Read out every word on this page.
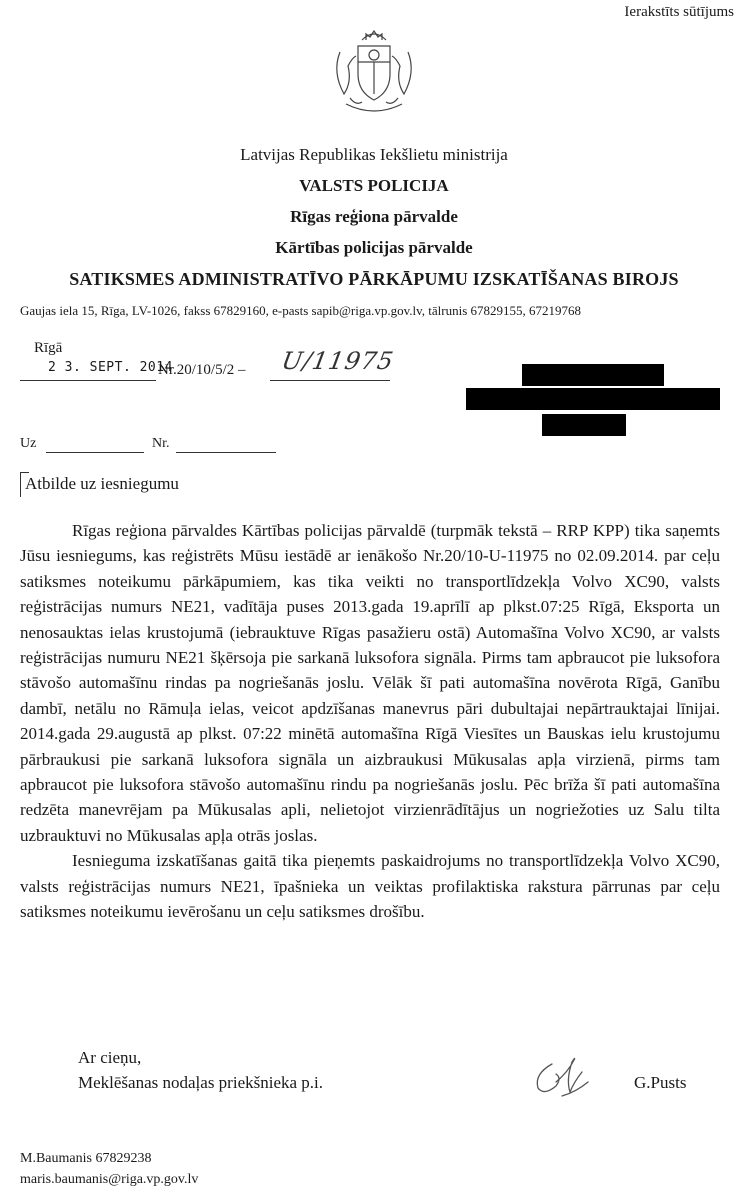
Ierakstīts sūtījums
Latvijas Republikas Iekšlietu ministrija
VALSTS POLICIJA
Rīgas reģiona pārvalde
Kārtības policijas pārvalde
SATIKSMES ADMINISTRATĪVO PĀRKĀPUMU IZSKATĪŠANAS BIROJS
Gaujas iela 15, Rīga, LV-1026, fakss 67829160, e-pasts sapib@riga.vp.gov.lv, tālrunis 67829155, 67219768
Rīgā
2 3. SEPT. 2014
Nr.20/10/5/2 – U/11975
Uz	Nr.
Atbilde uz iesniegumu

Rīgas reģiona pārvaldes Kārtības policijas pārvaldē (turpmāk tekstā – RRP KPP) tika saņemts Jūsu iesniegums, kas reģistrēts Mūsu iestādē ar ienākošo Nr.20/10-U-11975 no 02.09.2014. par ceļu satiksmes noteikumu pārkāpumiem, kas tika veikti no transportlīdzekļa Volvo XC90, valsts reģistrācijas numurs NE21, vadītāja puses 2013.gada 19.aprīlī ap plkst.07:25 Rīgā, Eksporta un nenosauktas ielas krustojumā (iebrauktuve Rīgas pasažieru ostā) Automašīna Volvo XC90, ar valsts reģistrācijas numuru NE21 šķērsoja pie sarkanā luksofora signāla. Pirms tam apbraucot pie luksofora stāvošo automašīnu rindas pa nogriešanās joslu. Vēlāk šī pati automašīna novērota Rīgā, Ganību dambī, netālu no Rāmuļa ielas, veicot apdzīšanas manevrus pāri dubultajai nepārtrauktajai līnijai. 2014.gada 29.augustā ap plkst. 07:22 minētā automašīna Rīgā Viesītes un Bauskas ielu krustojumu pārbraukusi pie sarkanā luksofora signāla un aizbraukusi Mūkusalas apļa virzienā, pirms tam apbraucot pie luksofora stāvošo automašīnu rindu pa nogriešanās joslu. Pēc brīža šī pati automašīna redzēta manevrējam pa Mūkusalas apli, nelietojot virzienrādītājus un nogriežoties uz Salu tilta uzbrauktuvi no Mūkusalas apļa otrās joslas.

Iesnieguma izskatīšanas gaitā tika pieņemts paskaidrojums no transportlīdzekļa Volvo XC90, valsts reģistrācijas numurs NE21, īpašnieka un veiktas profilaktiska rakstura pārrunas par ceļu satiksmes noteikumu ievērošanu un ceļu satiksmes drošību.

Ar cieņu,
Meklēšanas nodaļas priekšnieka p.i.	G.Pusts
M.Baumanis 67829238
maris.baumanis@riga.vp.gov.lv
